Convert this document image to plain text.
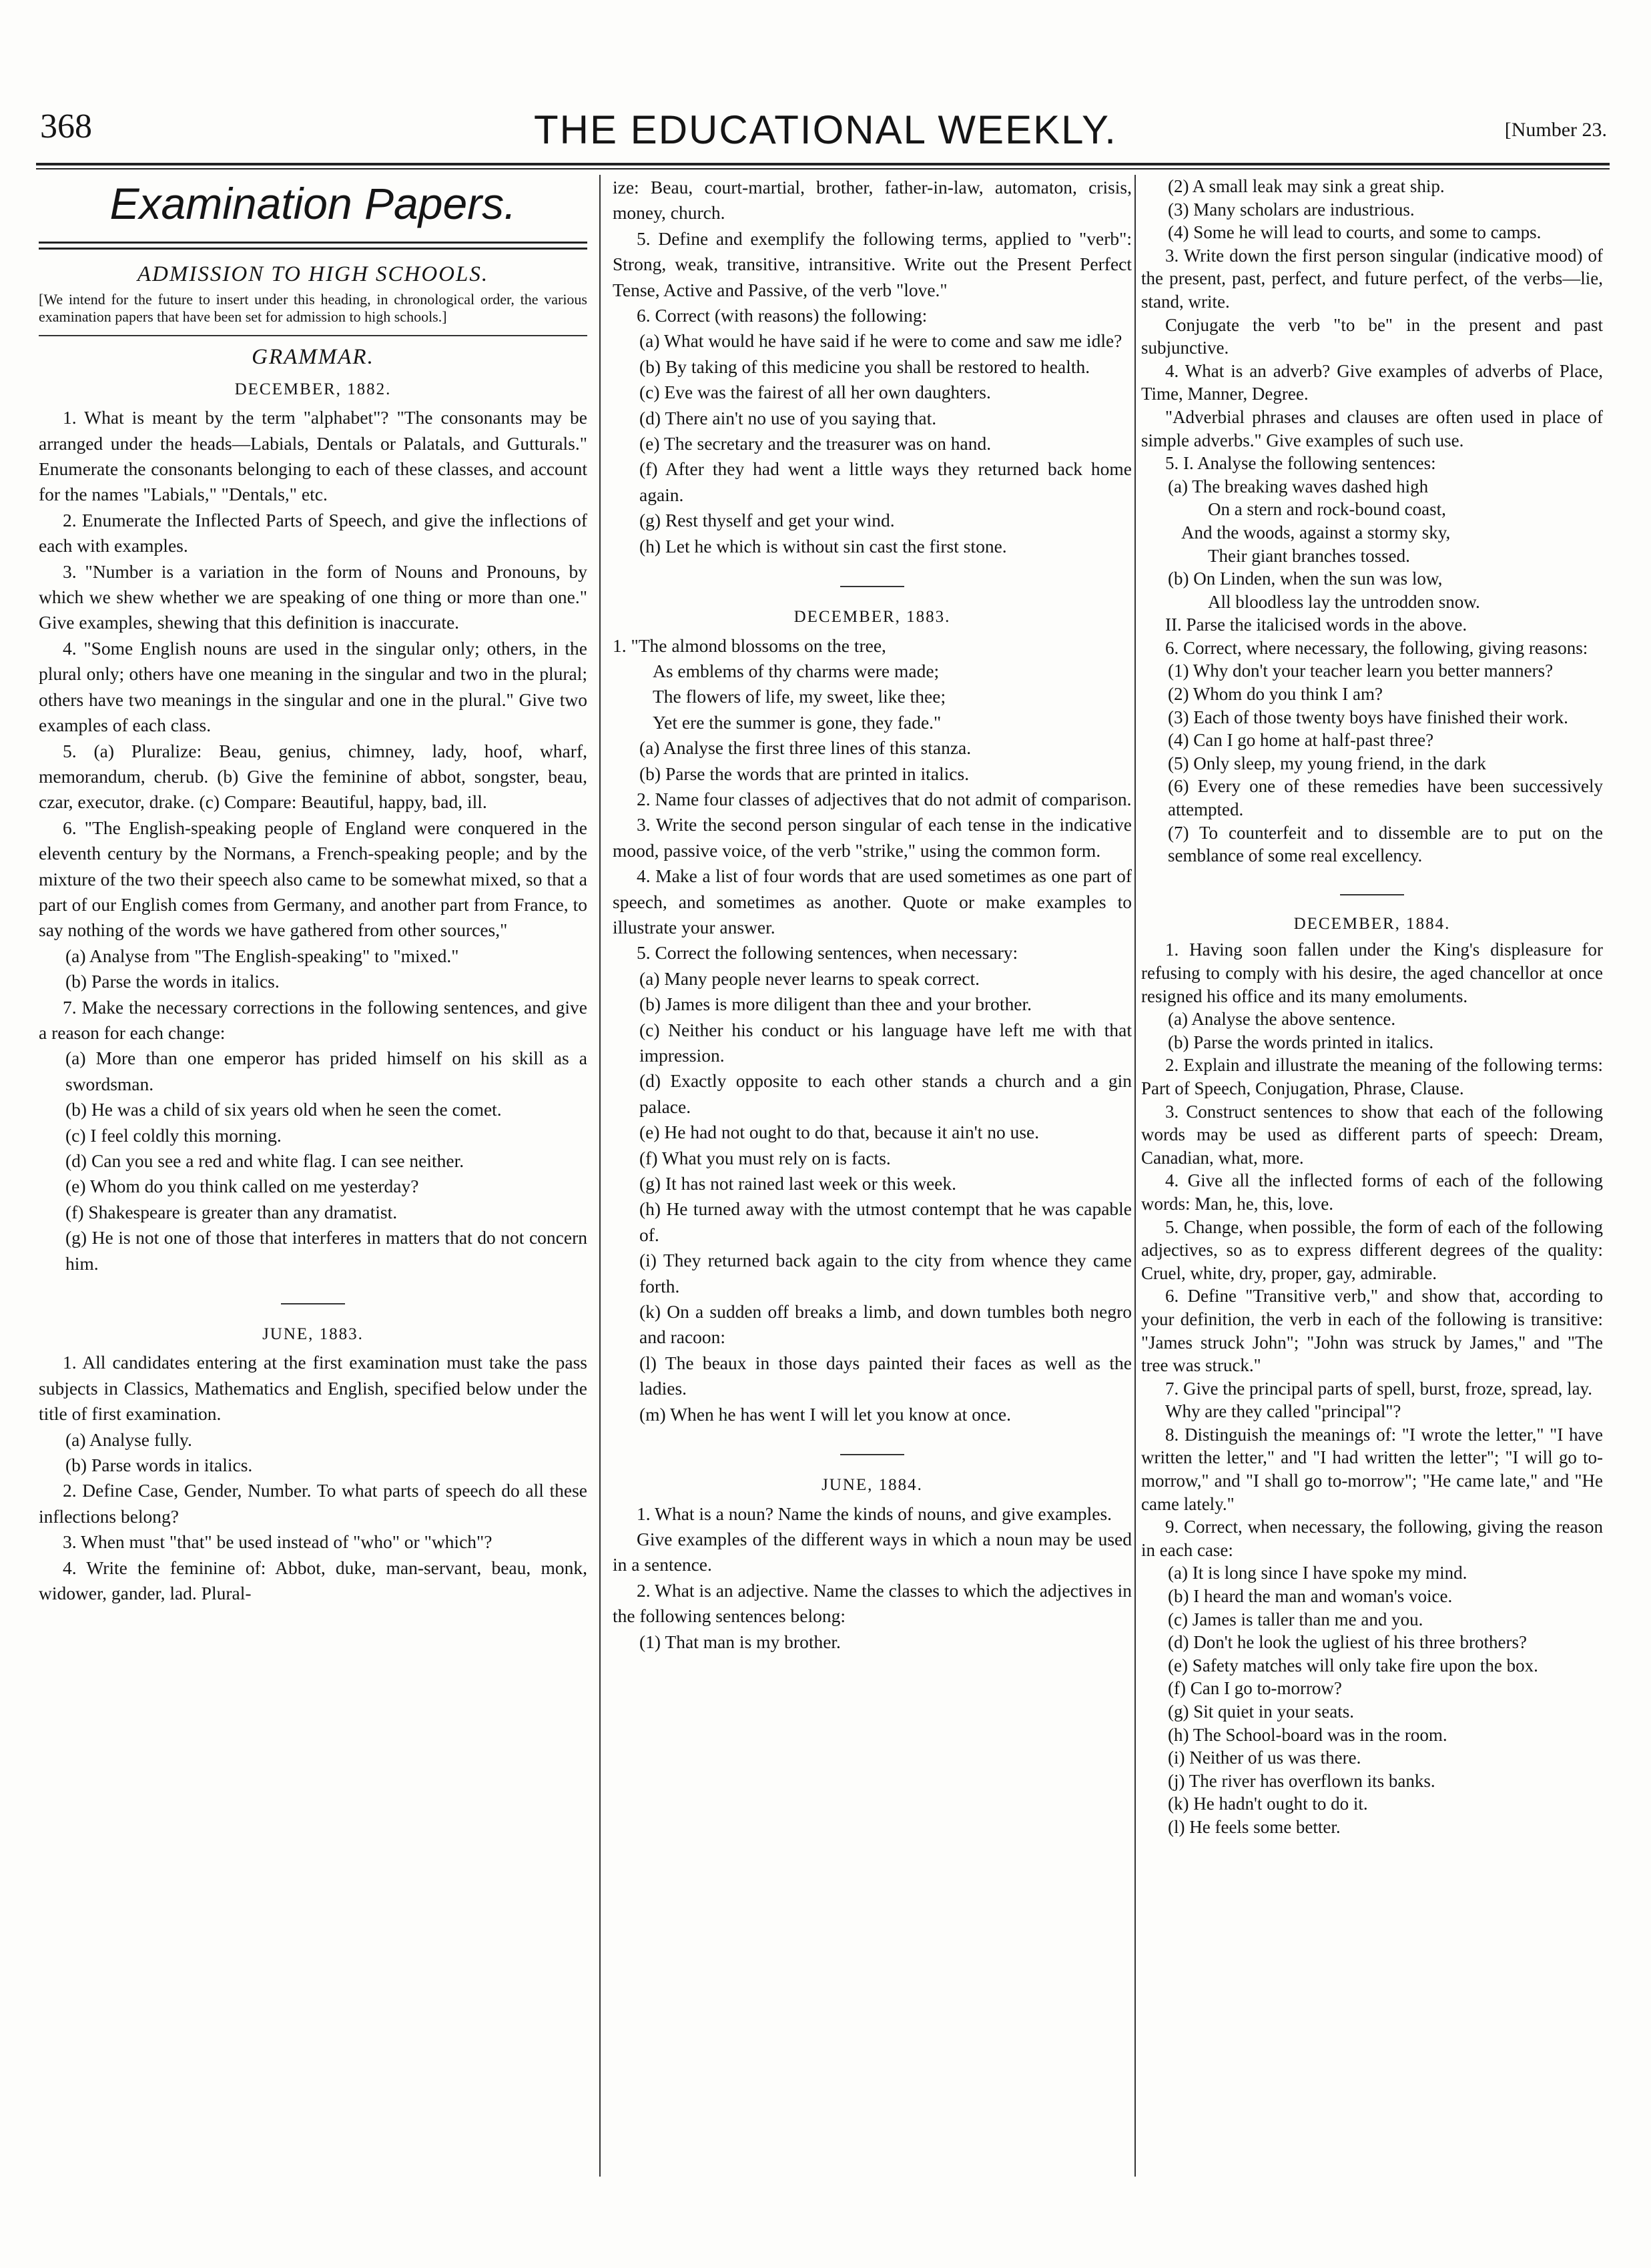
368	THE EDUCATIONAL WEEKLY.	[Number 23.
Examination Papers.
ADMISSION TO HIGH SCHOOLS.

[We intend for the future to insert under this heading, in chronological order, the various examination papers that have been set for admission to high schools.]

GRAMMAR.
DECEMBER, 1882.

1. What is meant by the term "alphabet"? "The consonants may be arranged under the heads—Labials, Dentals or Palatals, and Gutturals." Enumerate the consonants belonging to each of these classes, and account for the names "Labials," "Dentals," etc.

2. Enumerate the Inflected Parts of Speech, and give the inflections of each with examples.

3. "Number is a variation in the form of Nouns and Pronouns, by which we shew whether we are speaking of one thing or more than one." Give examples, shewing that this definition is inaccurate.

4. "Some English nouns are used in the singular only; others, in the plural only; others have one meaning in the singular and two in the plural; others have two meanings in the singular and one in the plural." Give two examples of each class.

5. (a) Pluralize: Beau, genius, chimney, lady, hoof, wharf, memorandum, cherub. (b) Give the feminine of abbot, songster, beau, czar, executor, drake. (c) Compare: Beautiful, happy, bad, ill.

6. "The English-speaking people of England were conquered in the eleventh century by the Normans, a French-speaking people; and by the mixture of the two their speech also came to be somewhat mixed, so that a part of our English comes from Germany, and another part from France, to say nothing of the words we have gathered from other sources,"

(a) Analyse from "The English-speaking" to "mixed."

(b) Parse the words in italics.

7. Make the necessary corrections in the following sentences, and give a reason for each change:

(a) More than one emperor has prided himself on his skill as a swordsman.

(b) He was a child of six years old when he seen the comet.

(c) I feel coldly this morning.

(d) Can you see a red and white flag. I can see neither.

(e) Whom do you think called on me yesterday?

(f) Shakespeare is greater than any dramatist.

(g) He is not one of those that interferes in matters that do not concern him.

JUNE, 1883.

1. All candidates entering at the first examination must take the pass subjects in Classics, Mathematics and English, specified below under the title of first examination.

(a) Analyse fully.

(b) Parse words in italics.

2. Define Case, Gender, Number. To what parts of speech do all these inflections belong?

3. When must "that" be used instead of "who" or "which"?

4. Write the feminine of: Abbot, duke, man-servant, beau, monk, widower, gander, lad. Plural-

ize: Beau, court-martial, brother, father-in-law, automaton, crisis, money, church.

5. Define and exemplify the following terms, applied to "verb": Strong, weak, transitive, intransitive. Write out the Present Perfect Tense, Active and Passive, of the verb "love."

6. Correct (with reasons) the following:

(a) What would he have said if he were to come and saw me idle?

(b) By taking of this medicine you shall be restored to health.

(c) Eve was the fairest of all her own daughters.

(d) There ain't no use of you saying that.

(e) The secretary and the treasurer was on hand.

(f) After they had went a little ways they returned back home again.

(g) Rest thyself and get your wind.

(h) Let he which is without sin cast the first stone.

DECEMBER, 1883.

1. "The almond blossoms on the tree,

As emblems of thy charms were made;

The flowers of life, my sweet, like thee;

Yet ere the summer is gone, they fade."

(a) Analyse the first three lines of this stanza.

(b) Parse the words that are printed in italics.

2. Name four classes of adjectives that do not admit of comparison.

3. Write the second person singular of each tense in the indicative mood, passive voice, of the verb "strike," using the common form.

4. Make a list of four words that are used sometimes as one part of speech, and sometimes as another. Quote or make examples to illustrate your answer.

5. Correct the following sentences, when necessary:

(a) Many people never learns to speak correct.

(b) James is more diligent than thee and your brother.

(c) Neither his conduct or his language have left me with that impression.

(d) Exactly opposite to each other stands a church and a gin palace.

(e) He had not ought to do that, because it ain't no use.

(f) What you must rely on is facts.

(g) It has not rained last week or this week.

(h) He turned away with the utmost contempt that he was capable of.

(i) They returned back again to the city from whence they came forth.

(k) On a sudden off breaks a limb, and down tumbles both negro and racoon:

(l) The beaux in those days painted their faces as well as the ladies.

(m) When he has went I will let you know at once.

JUNE, 1884.

1. What is a noun? Name the kinds of nouns, and give examples.

Give examples of the different ways in which a noun may be used in a sentence.

2. What is an adjective. Name the classes to which the adjectives in the following sentences belong:

(1) That man is my brother.

(2) A small leak may sink a great ship.

(3) Many scholars are industrious.

(4) Some he will lead to courts, and some to camps.

3. Write down the first person singular (indicative mood) of the present, past, perfect, and future perfect, of the verbs—lie, stand, write.

Conjugate the verb "to be" in the present and past subjunctive.

4. What is an adverb? Give examples of adverbs of Place, Time, Manner, Degree.

"Adverbial phrases and clauses are often used in place of simple adverbs." Give examples of such use.

5. I. Analyse the following sentences:

(a) The breaking waves dashed high

On a stern and rock-bound coast,

And the woods, against a stormy sky,

Their giant branches tossed.

(b) On Linden, when the sun was low,

All bloodless lay the untrodden snow.

II. Parse the italicised words in the above.

6. Correct, where necessary, the following, giving reasons:

(1) Why don't your teacher learn you better manners?

(2) Whom do you think I am?

(3) Each of those twenty boys have finished their work.

(4) Can I go home at half-past three?

(5) Only sleep, my young friend, in the dark

(6) Every one of these remedies have been successively attempted.

(7) To counterfeit and to dissemble are to put on the semblance of some real excellency.

DECEMBER, 1884.

1. Having soon fallen under the King's displeasure for refusing to comply with his desire, the aged chancellor at once resigned his office and its many emoluments.

(a) Analyse the above sentence.

(b) Parse the words printed in italics.

2. Explain and illustrate the meaning of the following terms: Part of Speech, Conjugation, Phrase, Clause.

3. Construct sentences to show that each of the following words may be used as different parts of speech: Dream, Canadian, what, more.

4. Give all the inflected forms of each of the following words: Man, he, this, love.

5. Change, when possible, the form of each of the following adjectives, so as to express different degrees of the quality: Cruel, white, dry, proper, gay, admirable.

6. Define "Transitive verb," and show that, according to your definition, the verb in each of the following is transitive: "James struck John"; "John was struck by James," and "The tree was struck."

7. Give the principal parts of spell, burst, froze, spread, lay.

Why are they called "principal"?

8. Distinguish the meanings of: "I wrote the letter," "I have written the letter," and "I had written the letter"; "I will go to-morrow," and "I shall go to-morrow"; "He came late," and "He came lately."

9. Correct, when necessary, the following, giving the reason in each case:

(a) It is long since I have spoke my mind.

(b) I heard the man and woman's voice.

(c) James is taller than me and you.

(d) Don't he look the ugliest of his three brothers?

(e) Safety matches will only take fire upon the box.

(f) Can I go to-morrow?

(g) Sit quiet in your seats.

(h) The School-board was in the room.

(i) Neither of us was there.

(j) The river has overflown its banks.

(k) He hadn't ought to do it.

(l) He feels some better.
